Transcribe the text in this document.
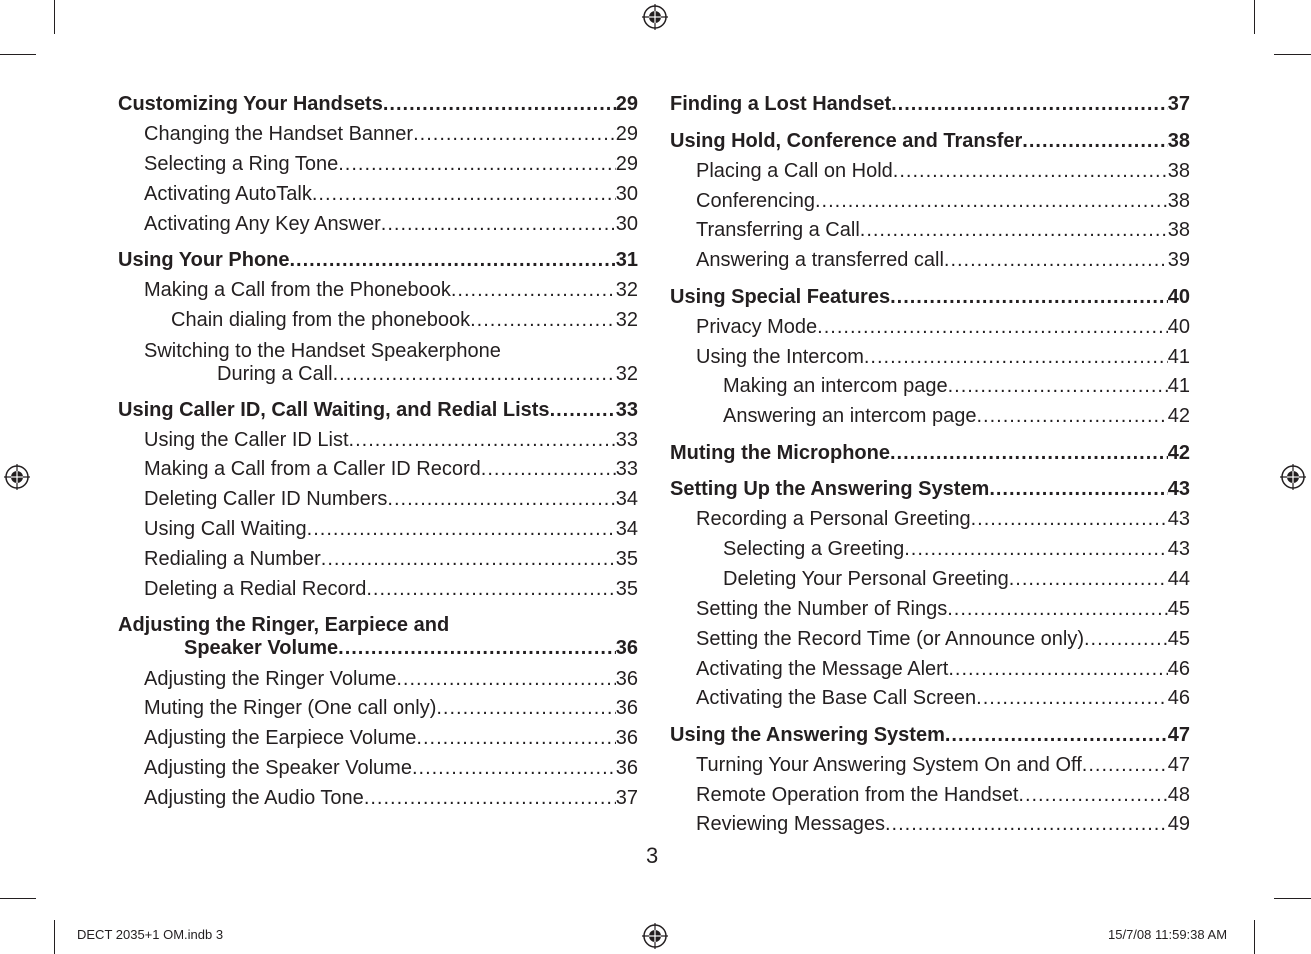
Customizing Your Handsets .....	29
Changing the Handset Banner .....	29
Selecting a Ring Tone .....	29
Activating AutoTalk .....	30
Activating Any Key Answer .....	30
Using Your Phone .....	31
Making a Call from the Phonebook .....	32
Chain dialing from the phonebook .....	32
Switching to the Handset Speakerphone
During a Call .....	32
Using Caller ID, Call Waiting, and Redial Lists .....	33
Using the Caller ID List .....	33
Making a Call from a Caller ID Record .....	33
Deleting Caller ID Numbers .....	34
Using Call Waiting .....	34
Redialing a Number .....	35
Deleting a Redial Record .....	35
Adjusting the Ringer, Earpiece and
Speaker Volume .....	36
Adjusting the Ringer Volume .....	36
Muting the Ringer (One call only) .....	36
Adjusting the Earpiece Volume .....	36
Adjusting the Speaker Volume .....	36
Adjusting the Audio Tone .....	37
Finding a Lost Handset .....	37
Using Hold, Conference and Transfer .....	38
Placing a Call on Hold .....	38
Conferencing .....	38
Transferring a Call .....	38
Answering a transferred call .....	39
Using Special Features .....	40
Privacy Mode .....	40
Using the Intercom .....	41
Making an intercom page .....	41
Answering an intercom page .....	42
Muting the Microphone .....	42
Setting Up the Answering System .....	43
Recording a Personal Greeting .....	43
Selecting a Greeting .....	43
Deleting Your Personal Greeting .....	44
Setting the Number of Rings .....	45
Setting the Record Time (or Announce only) .....	45
Activating the Message Alert .....	46
Activating the Base Call Screen .....	46
Using the Answering System .....	47
Turning Your Answering System On and Off .....	47
Remote Operation from the Handset .....	48
Reviewing Messages .....	49
3
DECT 2035+1 OM.indb 3	15/7/08 11:59:38 AM
